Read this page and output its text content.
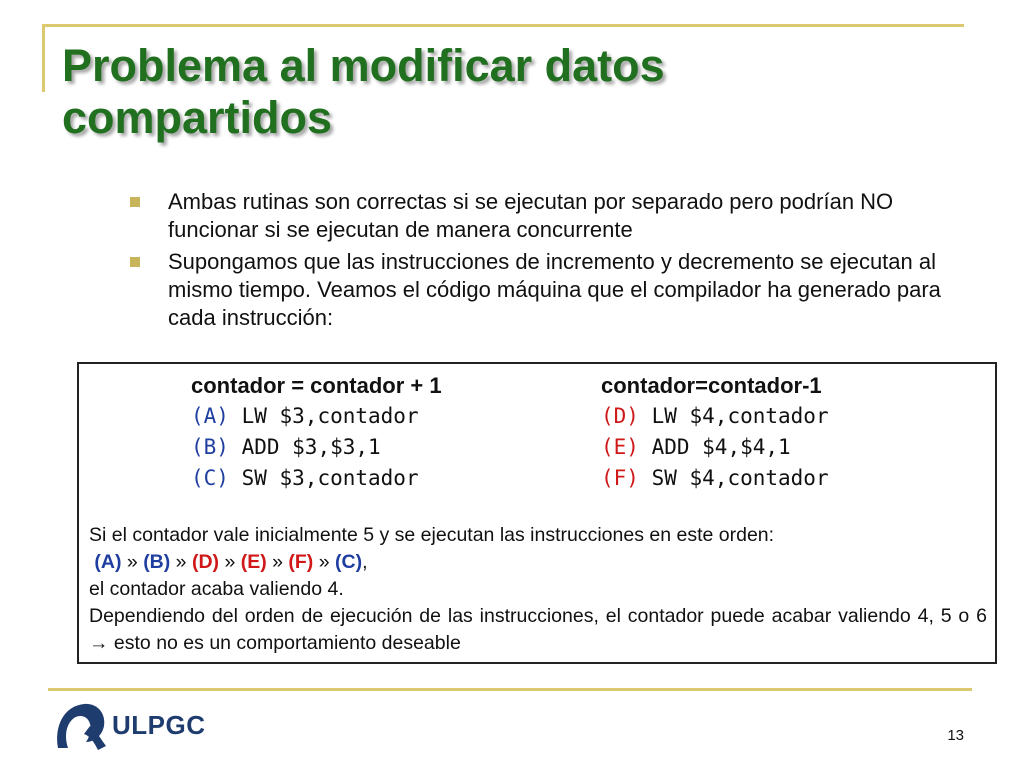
Problema al modificar datos
compartidos
Ambas rutinas son correctas si se ejecutan por separado pero podrían NO funcionar si se ejecutan de manera concurrente
Supongamos que las instrucciones de incremento y decremento se ejecutan al mismo tiempo. Veamos el código máquina que el compilador ha generado para cada instrucción:
contador = contador + 1
(A) LW $3,contador
(B) ADD $3,$3,1
(C) SW $3,contador
contador=contador-1
(D) LW $4,contador
(E) ADD $4,$4,1
(F) SW $4,contador

Si el contador vale inicialmente 5 y se ejecutan las instrucciones en este orden:

(A) » (B) » (D) » (E) » (F) » (C),

el contador acaba valiendo 4.

Dependiendo del orden de ejecución de las instrucciones, el contador puede acabar valiendo 4, 5 o 6 → esto no es un comportamiento deseable

ULPGC	13
